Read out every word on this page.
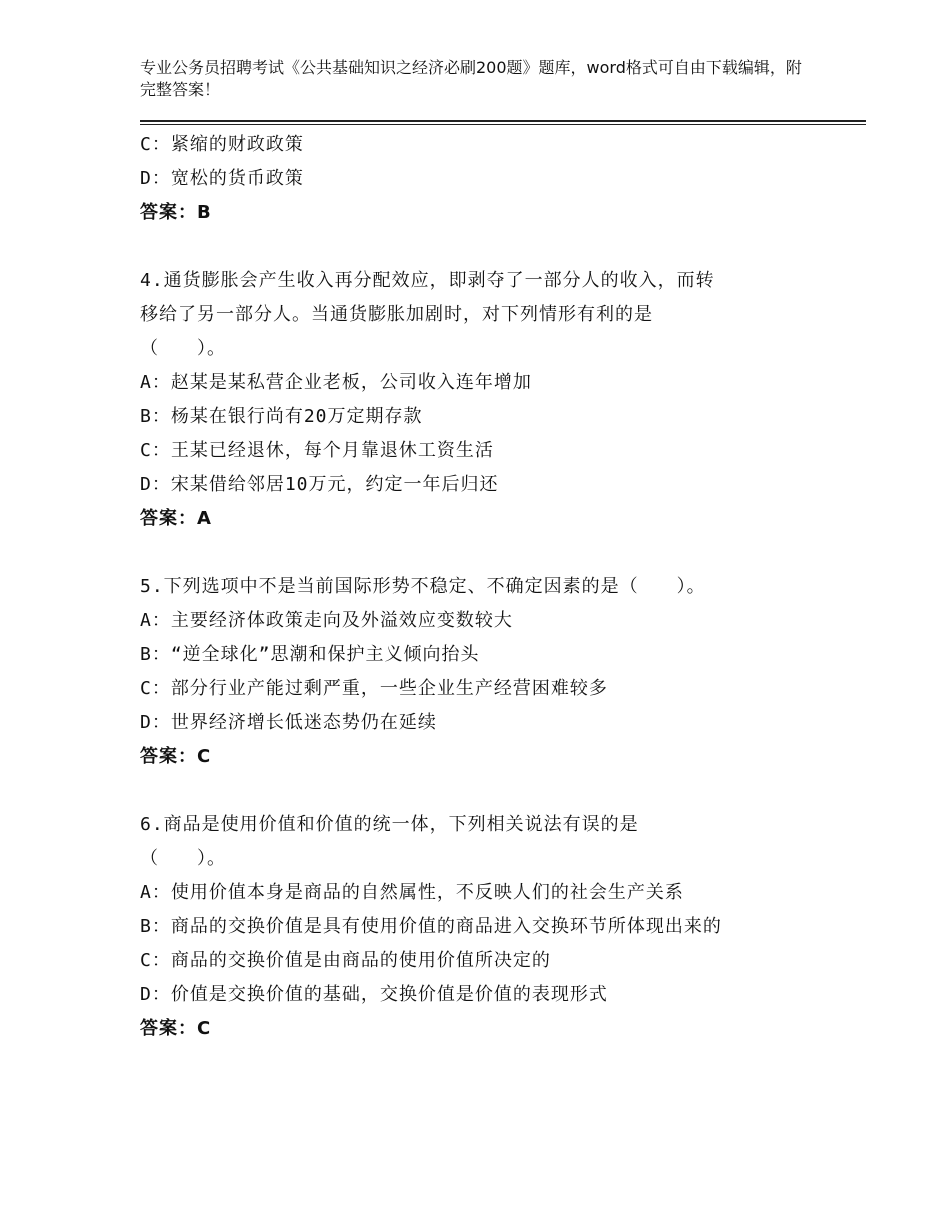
专业公务员招聘考试《公共基础知识之经济必刷200题》题库，word格式可自由下载编辑，附完整答案！
C：紧缩的财政政策
D：宽松的货币政策
答案：B
4.通货膨胀会产生收入再分配效应，即剥夺了一部分人的收入，而转
移给了另一部分人。当通货膨胀加剧时，对下列情形有利的是
（　　）。
A：赵某是某私营企业老板，公司收入连年增加
B：杨某在银行尚有20万定期存款
C：王某已经退休，每个月靠退休工资生活
D：宋某借给邻居10万元，约定一年后归还
答案：A
5.下列选项中不是当前国际形势不稳定、不确定因素的是（　　）。
A：主要经济体政策走向及外溢效应变数较大
B：“逆全球化”思潮和保护主义倾向抬头
C：部分行业产能过剩严重，一些企业生产经营困难较多
D：世界经济增长低迷态势仍在延续
答案：C
6.商品是使用价值和价值的统一体，下列相关说法有误的是
（　　）。
A：使用价值本身是商品的自然属性，不反映人们的社会生产关系
B：商品的交换价值是具有使用价值的商品进入交换环节所体现出来的
C：商品的交换价值是由商品的使用价值所决定的
D：价值是交换价值的基础，交换价值是价值的表现形式
答案：C
